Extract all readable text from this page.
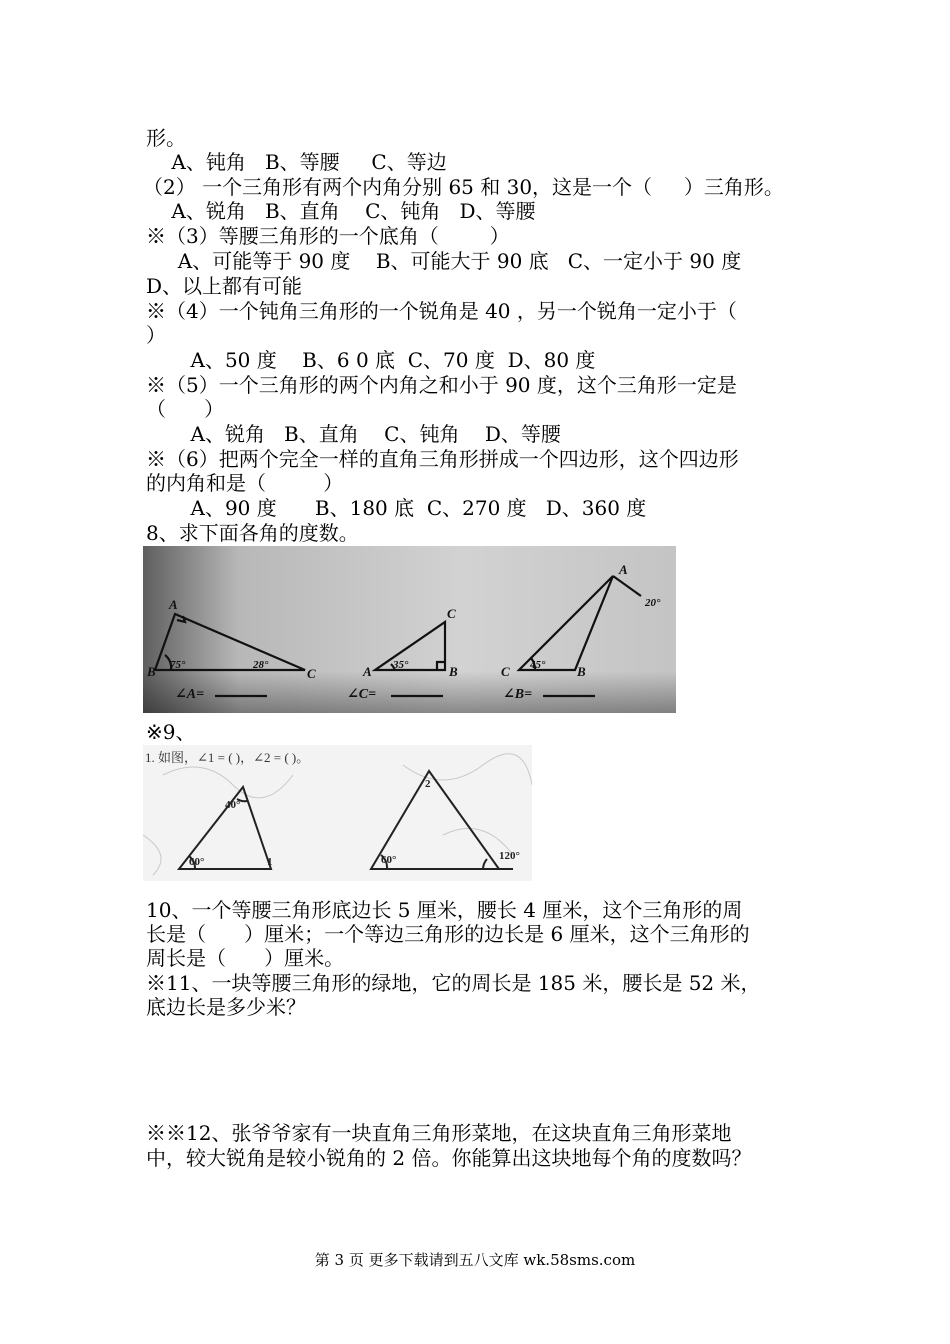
形。
A、钝角   B、等腰     C、等边
（2） 一个三角形有两个内角分别 65 和 30，这是一个（     ）三角形。
A、锐角   B、直角    C、钝角   D、等腰
※（3）等腰三角形的一个底角（        ）
A、可能等于 90 度    B、可能大于 90 底   C、一定小于 90 度
D、以上都有可能
※（4）一个钝角三角形的一个锐角是 40 ，另一个锐角一定小于（
）
A、50 度    B、6 0 底  C、70 度  D、80 度
※（5）一个三角形的两个内角之和小于 90 度，这个三角形一定是
（      ）
A、锐角   B、直角    C、钝角    D、等腰
※（6）把两个完全一样的直角三角形拼成一个四边形，这个四边形
的内角和是（         ）
A、90 度      B、180 底  C、270 度   D、360 度
8、求下面各角的度数。
A
B	C
75°	28°
∠A=
C
A 35°	B
∠C=
A
20°
C 45° B
∠B=
※9、
1. 如图，∠1 = ( )，∠2 = ( )。
40°
60°	1
2
60°	120°
10、一个等腰三角形底边长 5 厘米，腰长 4 厘米，这个三角形的周
长是（      ）厘米；一个等边三角形的边长是 6 厘米，这个三角形的
周长是（      ）厘米。
※11、一块等腰三角形的绿地，它的周长是 185 米，腰长是 52 米，
底边长是多少米？
※※12、张爷爷家有一块直角三角形菜地，在这块直角三角形菜地
中，较大锐角是较小锐角的 2 倍。你能算出这块地每个角的度数吗？
第 3 页 更多下载请到五八文库 wk.58sms.com
